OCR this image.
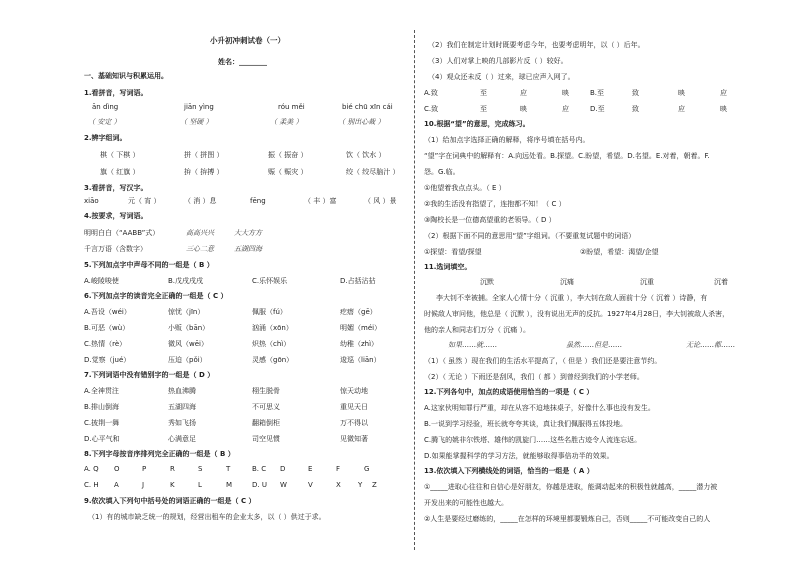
小升初冲刺试卷（一）
姓名：________
一、基础知识与积累运用。
1.看拼音，写词语。
ān dìng	jiān yìng	róu měi	bié chū xīn cái
（ 安定 ）	（ 坚硬 ）	（ 柔美 ）	（ 别出心裁 ）
2.辨字组词。
棋（ 下棋 ）	拼（ 拼图 ）	振（ 振奋 ）	饮（ 饮水 ）
旗（ 红旗 ）	拚（ 拚搏 ）	赈（ 赈灾 ）	绞（ 绞尽脑汁 ）
3.看拼音，写汉字。
xiāo	元（ 宵 ）	（ 消 ）息	fēng	（ 丰 ）富	（ 风 ）景
4.按要求，写词语。
明明白白（“AABB”式）	高高兴兴	大大方方
千言万语（含数字）	三心二意	五湖四海
5.下列加点字中声母不同的一组是（ B ）
A.峻陵唆使	B.戊戌戌戌	C.乐怀娱乐	D.占括沾拈
6.下列加点字的读音完全正确的一组是（ C ）
A.吾设（wéi）	惊忧（jīn）	佩服（fú）	疙瘩（gē）
B.可恶（wù）	小贩（bān）	汹涌（xōn）	明媚（méi）
C.热情（rè）	微风（wēi）	炽热（chì）	幼稚（zhì）
D.觉察（jué）	压迫（pǒi）	灵感（gōn）	逡巡（liān）
7.下列词语中没有错别字的一组是（ D ）
A.全神贯注	热血沸腾	栩生脱骨	惊天动地
B.排山倒海	五湖四海	不可思义	重见天日
C.披荆一舞	秀如飞扬	翻箱倒柜	万不得以
D.心平气和	心满意足	司空见惯	见微知著
8.下列字母按音序排列完全正确的一组是（ B ）
A. Q	O	P	R	S	T	B. C	D	E	F	G
C. H	A	J	K	L	M	D. U	W	V	X	Y	Z
9.依次填入下列句中括号处的词语正确的一组是（ C ）
（1）有的城市缺乏统一的规划，经营出租车的企业太多，以（ ）供过于求。
（2）我们在制定计划时既要考虑今年，也要考虑明年，以（ ）后年。
（3）人们对掌上映的几部影片反（ ）较好。
（4）观众还未反（ ）过来，球已应声入网了。
A.致	至	应	映	B.至	致	映	应
C.致	至	映	应	D.至	致	应	映
10.根据“望”的意思，完成练习。
（1）给加点字选择正确的解释，将序号填在括号内。
“望”字在词典中的解释有：A.向远处看。B.探望。C.盼望，希望。D.名望。E.对着，朝着。F.
怨。G.临。
①他望着我点点头。（ E ）
②我的生活没有指望了，连抱都不知！（ C ）
③陶校长是一位德高望重的老领导。（ D ）
（2）根据下面不同的意思用“望”字组词。（不要重复试题中的词语）
①探望：看望/探望	②盼望，希望：渴望/企望
11.选词填空。
沉默	沉痛	沉重	沉着
李大钊不幸被捕。全家人心情十分（ 沉重 ），李大钊在敌人面前十分（ 沉着 ）诗静，有
时候敌人审问他，他总是（ 沉默 ），没有说出无声的反抗。1927年4月28日，李大钊被敌人杀害，
他的亲人和同志们万分（ 沉痛 ）。
如果……就……	虽然……但是……	无论……都……
（1）（ 虽然 ）现在我们的生活水平提高了，（ 但是 ）我们还是要注意节约。
（2）（ 无论 ）下雨还是刮风，我们（ 都 ）到曾经到我们的小学老师。
12.下列各句中，加点的成语使用恰当的一项是（ C ）
A.这家伙明知罪行严重，却在从容不迫地抹桌子，好像什么事也没有发生。
B.一说到学习经验，班长就夸夸其谈，真让我们佩服得五体投地。
C.腾飞的姚非尔铁塔、雄伟的凯旋门……这些名胜古迹令人流连忘返。
D.如果能掌握科学的学习方法，就能够取得事倍功半的效果。
13.依次填入下列横线处的词语，恰当的一组是（ A ）
①_____进取心往往和自信心是好朋友，你越是进取，能调动起来的积极性就越高，_____潜力被
开发出来的可能性也越大。
②人生是要经过磨练的，_____在怎样的环境里都要锻炼自己，否则_____不可能改变自己的人
